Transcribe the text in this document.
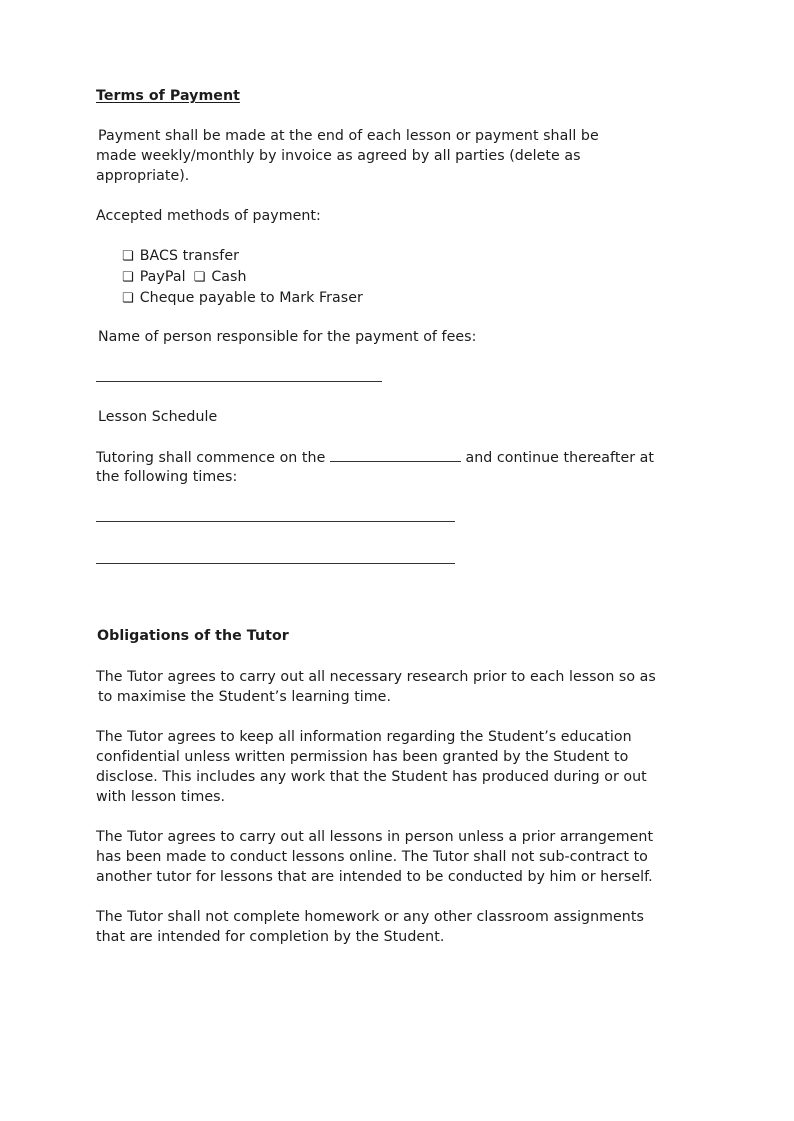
Terms of Payment
Payment shall be made at the end of each lesson or payment shall be
made weekly/monthly by invoice as agreed by all parties (delete as
appropriate).
Accepted methods of payment:
❏ BACS transfer
❏ PayPal ❏ Cash
❏ Cheque payable to Mark Fraser
Name of person responsible for the payment of fees:
Lesson Schedule
Tutoring shall commence on the	and continue thereafter at
the following times:
Obligations of the Tutor
The Tutor agrees to carry out all necessary research prior to each lesson so as
to maximise the Student’s learning time.
The Tutor agrees to keep all information regarding the Student’s education
confidential unless written permission has been granted by the Student to
disclose. This includes any work that the Student has produced during or out
with lesson times.
The Tutor agrees to carry out all lessons in person unless a prior arrangement
has been made to conduct lessons online. The Tutor shall not sub-contract to
another tutor for lessons that are intended to be conducted by him or herself.
The Tutor shall not complete homework or any other classroom assignments
that are intended for completion by the Student.
